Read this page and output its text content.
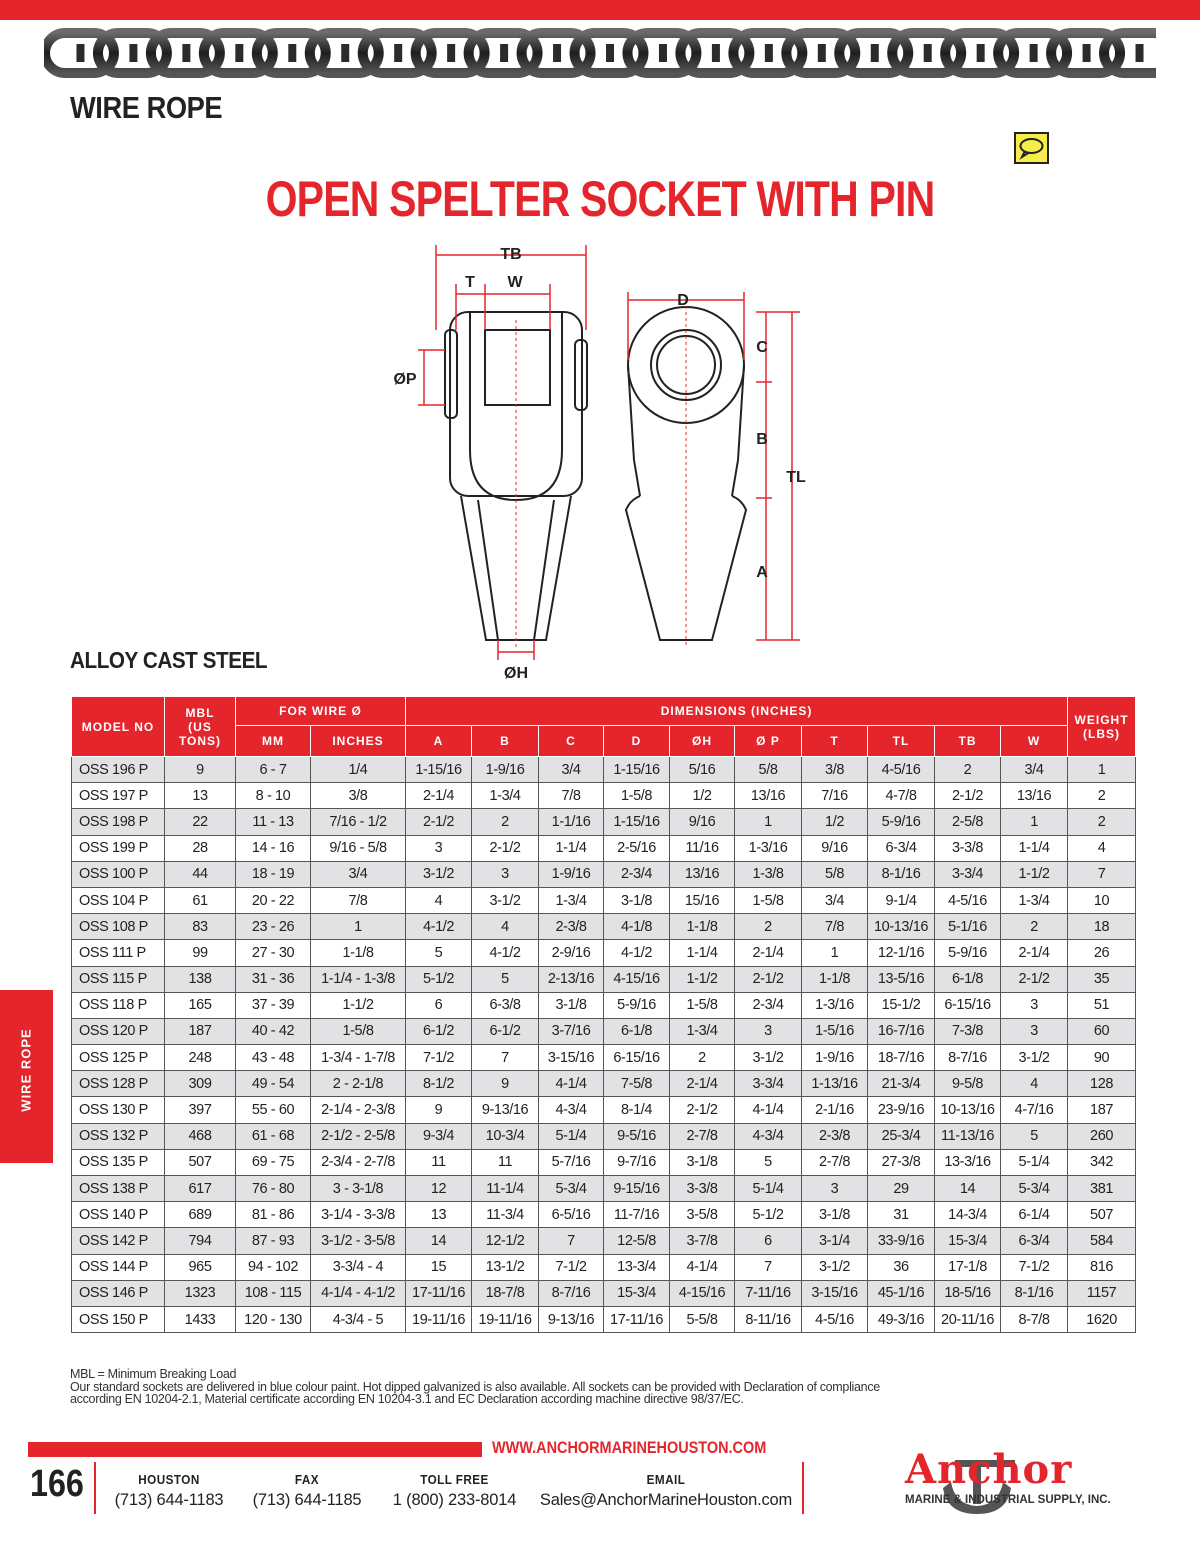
WIRE ROPE
OPEN SPELTER SOCKET WITH PIN
TB
T W
ØP
D
C
B
TL
A
ØH
ALLOY CAST STEEL
MODEL NO	MBL
(US TONS)	FOR WIRE Ø		DIMENSIONS (INCHES)										WEIGHT
(LBS)
		MM	INCHES	A	B	C	D	ØH	Ø P	T	TL	TB	W	
OSS 196 P	9	6 - 7	1/4	1-15/16	1-9/16	3/4	1-15/16	5/16	5/8	3/8	4-5/16	2	3/4	1
OSS 197 P	13	8 - 10	3/8	2-1/4	1-3/4	7/8	1-5/8	1/2	13/16	7/16	4-7/8	2-1/2	13/16	2
OSS 198 P	22	11 - 13	7/16 - 1/2	2-1/2	2	1-1/16	1-15/16	9/16	1	1/2	5-9/16	2-5/8	1	2
OSS 199 P	28	14 - 16	9/16 - 5/8	3	2-1/2	1-1/4	2-5/16	11/16	1-3/16	9/16	6-3/4	3-3/8	1-1/4	4
OSS 100 P	44	18 - 19	3/4	3-1/2	3	1-9/16	2-3/4	13/16	1-3/8	5/8	8-1/16	3-3/4	1-1/2	7
OSS 104 P	61	20 - 22	7/8	4	3-1/2	1-3/4	3-1/8	15/16	1-5/8	3/4	9-1/4	4-5/16	1-3/4	10
OSS 108 P	83	23 - 26	1	4-1/2	4	2-3/8	4-1/8	1-1/8	2	7/8	10-13/16	5-1/16	2	18
OSS 111 P	99	27 - 30	1-1/8	5	4-1/2	2-9/16	4-1/2	1-1/4	2-1/4	1	12-1/16	5-9/16	2-1/4	26
OSS 115 P	138	31 - 36	1-1/4 - 1-3/8	5-1/2	5	2-13/16	4-15/16	1-1/2	2-1/2	1-1/8	13-5/16	6-1/8	2-1/2	35
OSS 118 P	165	37 - 39	1-1/2	6	6-3/8	3-1/8	5-9/16	1-5/8	2-3/4	1-3/16	15-1/2	6-15/16	3	51
OSS 120 P	187	40 - 42	1-5/8	6-1/2	6-1/2	3-7/16	6-1/8	1-3/4	3	1-5/16	16-7/16	7-3/8	3	60
OSS 125 P	248	43 - 48	1-3/4 - 1-7/8	7-1/2	7	3-15/16	6-15/16	2	3-1/2	1-9/16	18-7/16	8-7/16	3-1/2	90
OSS 128 P	309	49 - 54	2 - 2-1/8	8-1/2	9	4-1/4	7-5/8	2-1/4	3-3/4	1-13/16	21-3/4	9-5/8	4	128
OSS 130 P	397	55 - 60	2-1/4 - 2-3/8	9	9-13/16	4-3/4	8-1/4	2-1/2	4-1/4	2-1/16	23-9/16	10-13/16	4-7/16	187
OSS 132 P	468	61 - 68	2-1/2 - 2-5/8	9-3/4	10-3/4	5-1/4	9-5/16	2-7/8	4-3/4	2-3/8	25-3/4	11-13/16	5	260
OSS 135 P	507	69 - 75	2-3/4 - 2-7/8	11	11	5-7/16	9-7/16	3-1/8	5	2-7/8	27-3/8	13-3/16	5-1/4	342
OSS 138 P	617	76 - 80	3 - 3-1/8	12	11-1/4	5-3/4	9-15/16	3-3/8	5-1/4	3	29	14	5-3/4	381
OSS 140 P	689	81 - 86	3-1/4 - 3-3/8	13	11-3/4	6-5/16	11-7/16	3-5/8	5-1/2	3-1/8	31	14-3/4	6-1/4	507
OSS 142 P	794	87 - 93	3-1/2 - 3-5/8	14	12-1/2	7	12-5/8	3-7/8	6	3-1/4	33-9/16	15-3/4	6-3/4	584
OSS 144 P	965	94 - 102	3-3/4 - 4	15	13-1/2	7-1/2	13-3/4	4-1/4	7	3-1/2	36	17-1/8	7-1/2	816
OSS 146 P	1323	108 - 115	4-1/4 - 4-1/2	17-11/16	18-7/8	8-7/16	15-3/4	4-15/16	7-11/16	3-15/16	45-1/16	18-5/16	8-1/16	1157
OSS 150 P	1433	120 - 130	4-3/4 - 5	19-11/16	19-11/16	9-13/16	17-11/16	5-5/8	8-11/16	4-5/16	49-3/16	20-11/16	8-7/8	1620
MBL = Minimum Breaking Load
Our standard sockets are delivered in blue colour paint. Hot dipped galvanized is also available. All sockets can be provided with Declaration of compliance
according EN 10204-2.1, Material certificate according EN 10204-3.1 and EC Declaration according machine directive 98/37/EC.
WIRE ROPE
WWW.ANCHORMARINEHOUSTON.COM
166	HOUSTON
(713) 644-1183
FAX
(713) 644-1185
TOLL FREE
1 (800) 233-8014
EMAIL
Sales@AnchorMarineHouston.com
Anchor
MARINE & INDUSTRIAL SUPPLY, INC.
